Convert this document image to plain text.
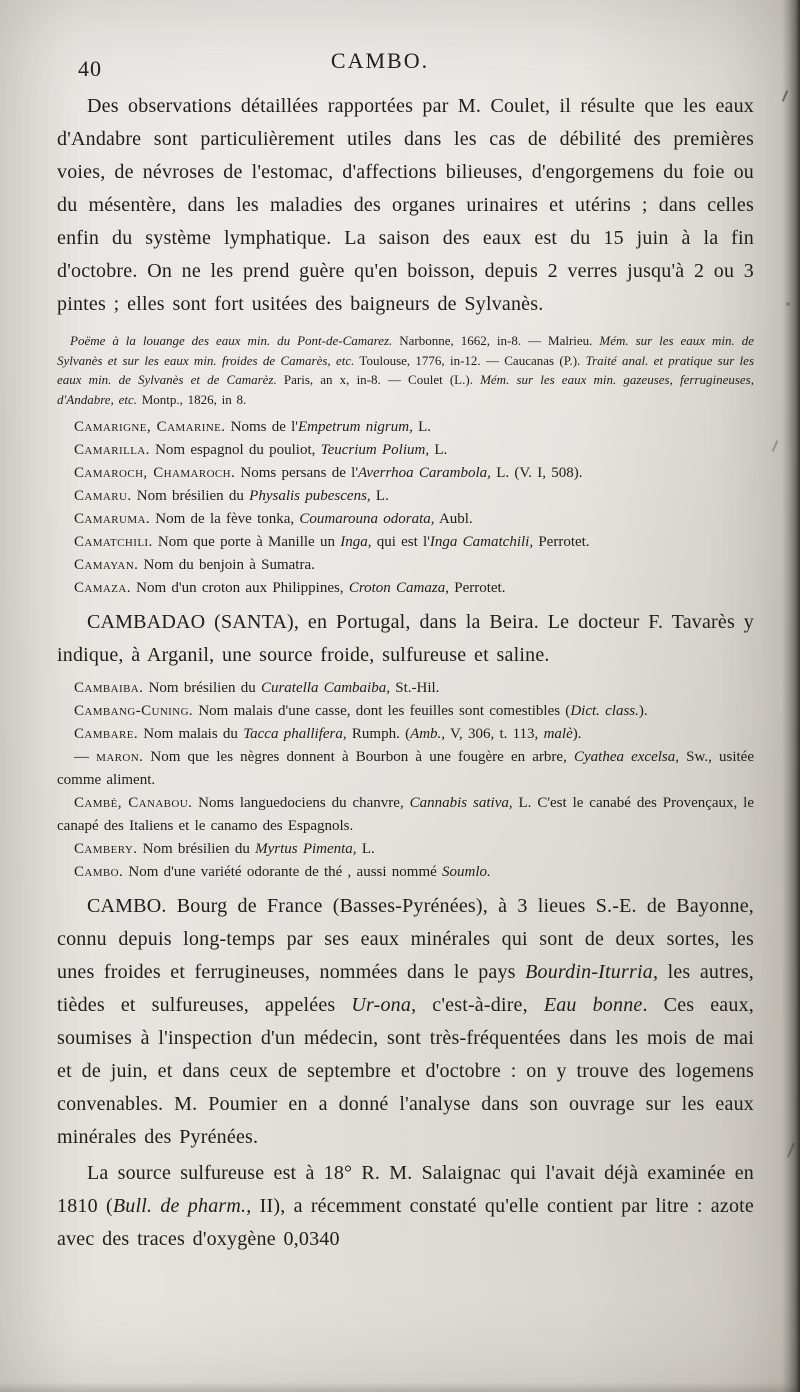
40	CAMBO.

Des observations détaillées rapportées par M. Coulet, il résulte que les eaux d'Andabre sont particulièrement utiles dans les cas de débilité des premières voies, de névroses de l'estomac, d'affections bilieuses, d'engorgemens du foie ou du mésentère, dans les maladies des organes urinaires et utérins ; dans celles enfin du système lymphatique. La saison des eaux est du 15 juin à la fin d'octobre. On ne les prend guère qu'en boisson, depuis 2 verres jusqu'à 2 ou 3 pintes ; elles sont fort usitées des baigneurs de Sylvanès.

Poëme à la louange des eaux min. du Pont-de-Camarez. Narbonne, 1662, in-8. — Malrieu. Mém. sur les eaux min. de Sylvanès et sur les eaux min. froides de Camarès, etc. Toulouse, 1776, in-12. — Caucanas (P.). Traité anal. et pratique sur les eaux min. de Sylvanès et de Camarèz. Paris, an x, in-8. — Coulet (L.). Mém. sur les eaux min. gazeuses, ferrugineuses, d'Andabre, etc. Montp., 1826, in 8.

Camarigne, Camarine. Noms de l'Empetrum nigrum, L.

Camarilla. Nom espagnol du pouliot, Teucrium Polium, L.

Camaroch, Chamaroch. Noms persans de l'Averrhoa Carambola, L. (V. I, 508).

Camaru. Nom brésilien du Physalis pubescens, L.

Camaruma. Nom de la fève tonka, Coumarouna odorata, Aubl.

Camatchili. Nom que porte à Manille un Inga, qui est l'Inga Camatchili, Perrotet.

Camayan. Nom du benjoin à Sumatra.

Camaza. Nom d'un croton aux Philippines, Croton Camaza, Perrotet.

CAMBADAO (SANTA), en Portugal, dans la Beira. Le docteur F. Tavarès y indique, à Arganil, une source froide, sulfureuse et saline.

Cambaiba. Nom brésilien du Curatella Cambaiba, St.-Hil.

Cambang-Cuning. Nom malais d'une casse, dont les feuilles sont comestibles (Dict. class.).

Cambare. Nom malais du Tacca phallifera, Rumph. (Amb., V, 306, t. 113, malè).

— maron. Nom que les nègres donnent à Bourbon à une fougère en arbre, Cyathea excelsa, Sw., usitée comme aliment.

Cambé, Canabou. Noms languedociens du chanvre, Cannabis sativa, L. C'est le canabé des Provençaux, le canapé des Italiens et le canamo des Espagnols.

Cambery. Nom brésilien du Myrtus Pimenta, L.

Cambo. Nom d'une variété odorante de thé , aussi nommé Soumlo.

CAMBO. Bourg de France (Basses-Pyrénées), à 3 lieues S.-E. de Bayonne, connu depuis long-temps par ses eaux minérales qui sont de deux sortes, les unes froides et ferrugineuses, nommées dans le pays Bourdin-Iturria, les autres, tièdes et sulfureuses, appelées Ur-ona, c'est-à-dire, Eau bonne. Ces eaux, soumises à l'inspection d'un médecin, sont très-fréquentées dans les mois de mai et de juin, et dans ceux de septembre et d'octobre : on y trouve des logemens convenables. M. Poumier en a donné l'analyse dans son ouvrage sur les eaux minérales des Pyrénées.

La source sulfureuse est à 18° R. M. Salaignac qui l'avait déjà examinée en 1810 (Bull. de pharm., II), a récemment constaté qu'elle contient par litre : azote avec des traces d'oxygène 0,0340
